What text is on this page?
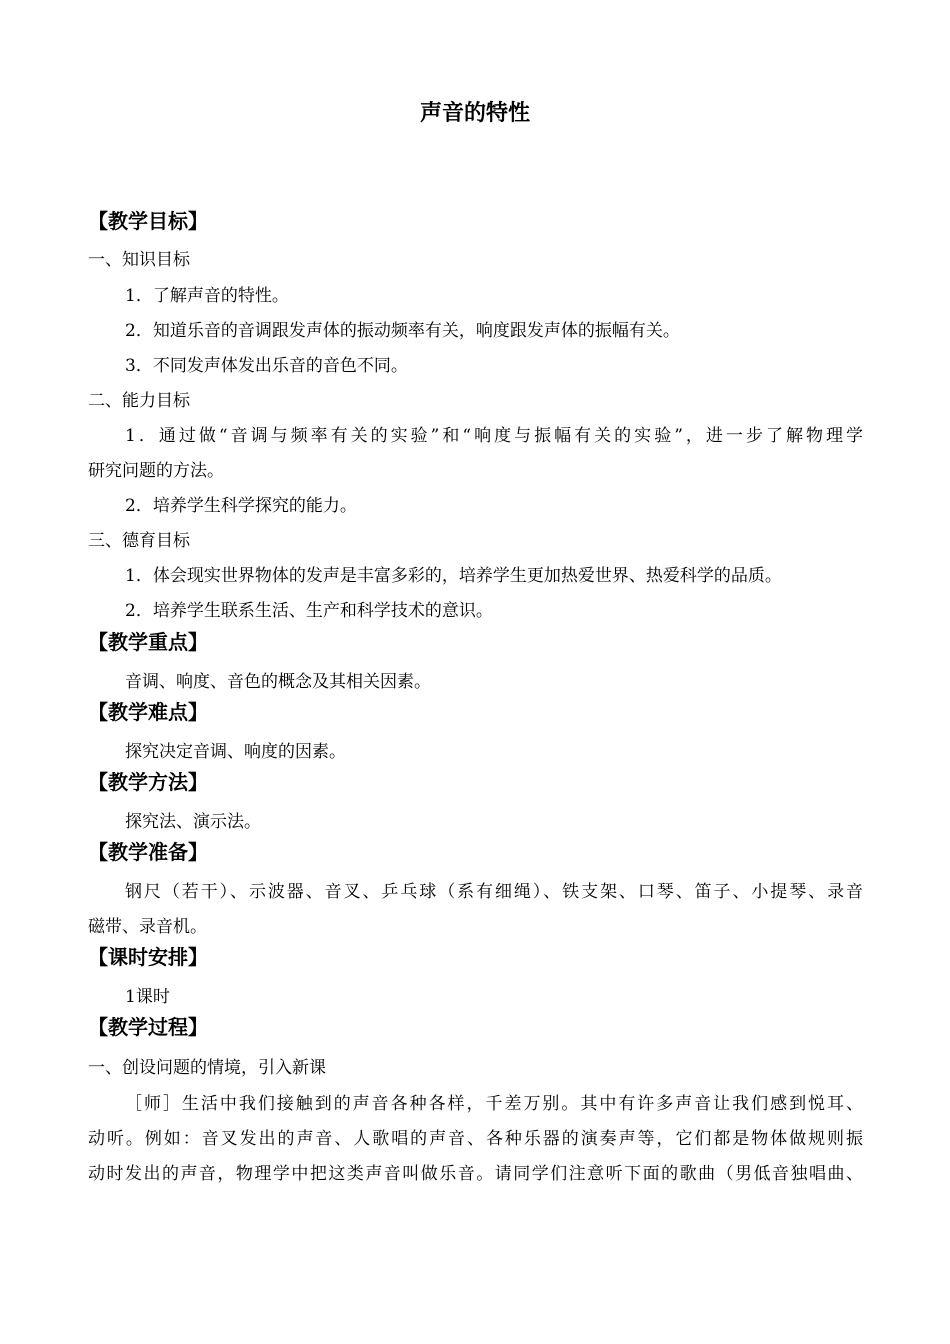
声音的特性
【教学目标】
一、知识目标
1．了解声音的特性。
2．知道乐音的音调跟发声体的振动频率有关，响度跟发声体的振幅有关。
3．不同发声体发出乐音的音色不同。
二、能力目标
1．通过做“音调与频率有关的实验”和“响度与振幅有关的实验”，进一步了解物理学
研究问题的方法。
2．培养学生科学探究的能力。
三、德育目标
1．体会现实世界物体的发声是丰富多彩的，培养学生更加热爱世界、热爱科学的品质。
2．培养学生联系生活、生产和科学技术的意识。
【教学重点】
音调、响度、音色的概念及其相关因素。
【教学难点】
探究决定音调、响度的因素。
【教学方法】
探究法、演示法。
【教学准备】
钢尺（若干）、示波器、音叉、乒乓球（系有细绳）、铁支架、口琴、笛子、小提琴、录音
磁带、录音机。
【课时安排】
1课时
【教学过程】
一、创设问题的情境，引入新课
［师］生活中我们接触到的声音各种各样，千差万别。其中有许多声音让我们感到悦耳、
动听。例如：音叉发出的声音、人歌唱的声音、各种乐器的演奏声等，它们都是物体做规则振
动时发出的声音，物理学中把这类声音叫做乐音。请同学们注意听下面的歌曲（男低音独唱曲、
